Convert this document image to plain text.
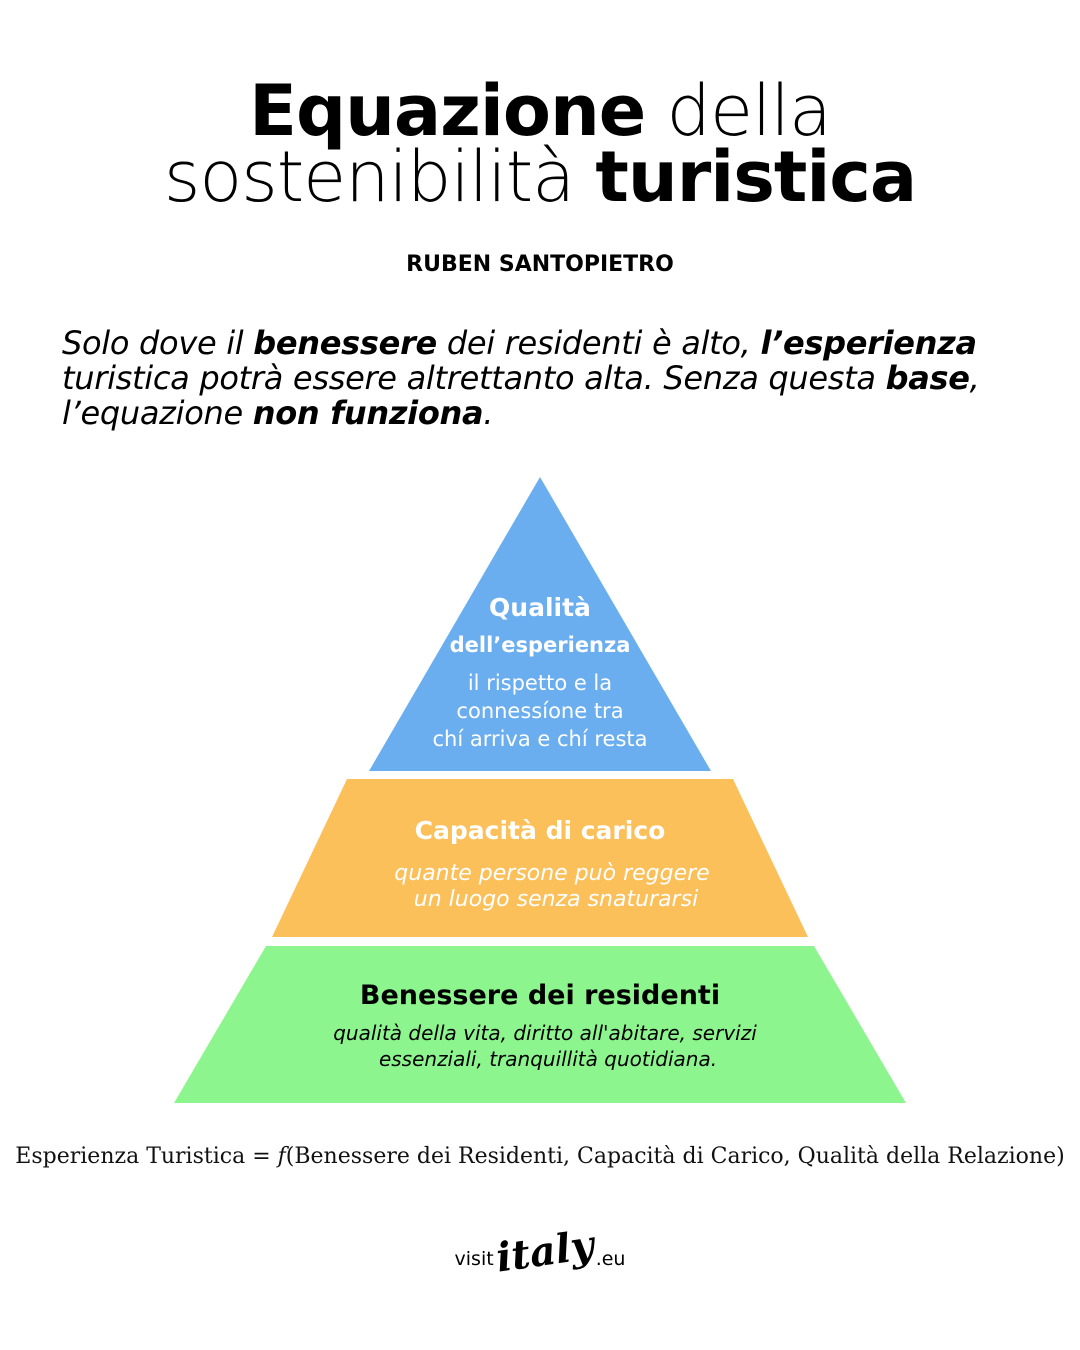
Equazione della
sostenibilità turistica
RUBEN SANTOPIETRO
Solo dove il benessere dei residenti è alto, l’esperienza turistica potrà essere altrettanto alta. Senza questa base, l’equazione non funziona.
Qualità
dell’esperienza
il rispetto e la
connessíone tra
chí arriva e chí resta
Capacità di carico
quante persone può reggere
un luogo senza snaturarsi
Benessere dei residenti
qualità della vita, diritto all'abitare, servizi
essenziali, tranquillità quotidiana.
Esperienza Turistica = f(Benessere dei Residenti, Capacità di Carico, Qualità della Relazione)
visititaly.eu
